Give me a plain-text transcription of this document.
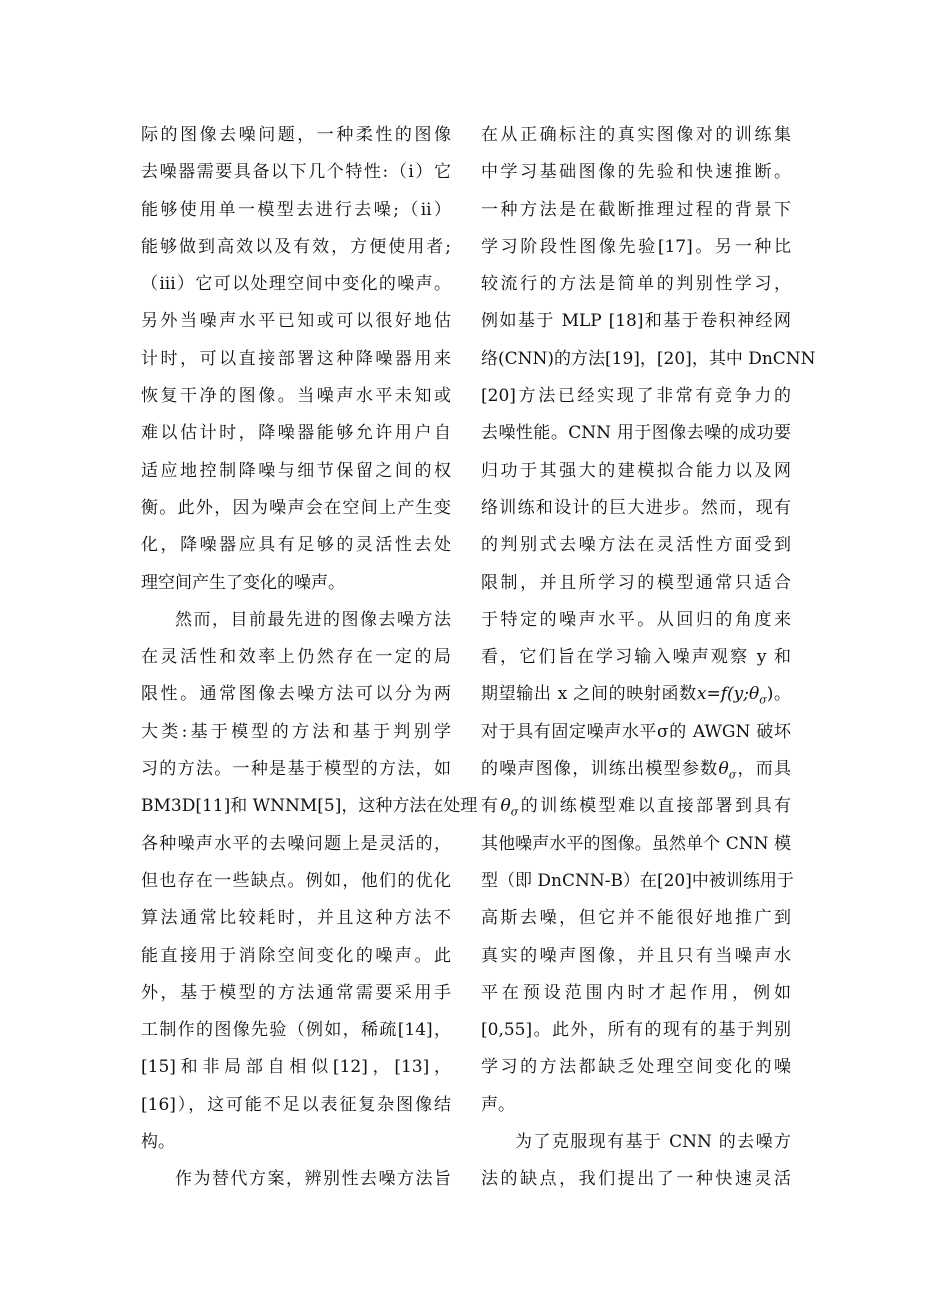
际的图像去噪问题，一种柔性的图像
去噪器需要具备以下几个特性:（i）它
能够使用单一模型去进行去噪;（ii）
能够做到高效以及有效，方便使用者;
（iii）它可以处理空间中变化的噪声。
另外当噪声水平已知或可以很好地估
计时，可以直接部署这种降噪器用来
恢复干净的图像。当噪声水平未知或
难以估计时，降噪器能够允许用户自
适应地控制降噪与细节保留之间的权
衡。此外，因为噪声会在空间上产生变
化，降噪器应具有足够的灵活性去处
理空间产生了变化的噪声。
然而，目前最先进的图像去噪方法
在灵活性和效率上仍然存在一定的局
限性。通常图像去噪方法可以分为两
大类:基于模型的方法和基于判别学
习的方法。一种是基于模型的方法，如
BM3D[11]和 WNNM[5]，这种方法在处理
各种噪声水平的去噪问题上是灵活的，
但也存在一些缺点。例如，他们的优化
算法通常比较耗时，并且这种方法不
能直接用于消除空间变化的噪声。此
外，基于模型的方法通常需要采用手
工制作的图像先验（例如，稀疏[14]，
[15]和非局部自相似[12]，[13]，
[16]），这可能不足以表征复杂图像结
构。
作为替代方案，辨别性去噪方法旨
在从正确标注的真实图像对的训练集
中学习基础图像的先验和快速推断。
一种方法是在截断推理过程的背景下
学习阶段性图像先验[17]。另一种比
较流行的方法是简单的判别性学习，
例如基于 MLP [18]和基于卷积神经网
络(CNN)的方法[19]，[20]，其中 DnCNN
[20]方法已经实现了非常有竞争力的
去噪性能。CNN 用于图像去噪的成功要
归功于其强大的建模拟合能力以及网
络训练和设计的巨大进步。然而，现有
的判别式去噪方法在灵活性方面受到
限制，并且所学习的模型通常只适合
于特定的噪声水平。从回归的角度来
看，它们旨在学习输入噪声观察 y 和
期望输出 x 之间的映射函数$x=f(y;\theta_\sigma)$。
对于具有固定噪声水平σ的 AWGN 破坏
的噪声图像，训练出模型参数$\theta_\sigma$，而具
有$\theta_\sigma$的训练模型难以直接部署到具有
其他噪声水平的图像。虽然单个 CNN 模
型（即 DnCNN-B）在[20]中被训练用于
高斯去噪，但它并不能很好地推广到
真实的噪声图像，并且只有当噪声水
平在预设范围内时才起作用，例如
[0,55]。此外，所有的现有的基于判别
学习的方法都缺乏处理空间变化的噪
声。
为了克服现有基于 CNN 的去噪方
法的缺点，我们提出了一种快速灵活
